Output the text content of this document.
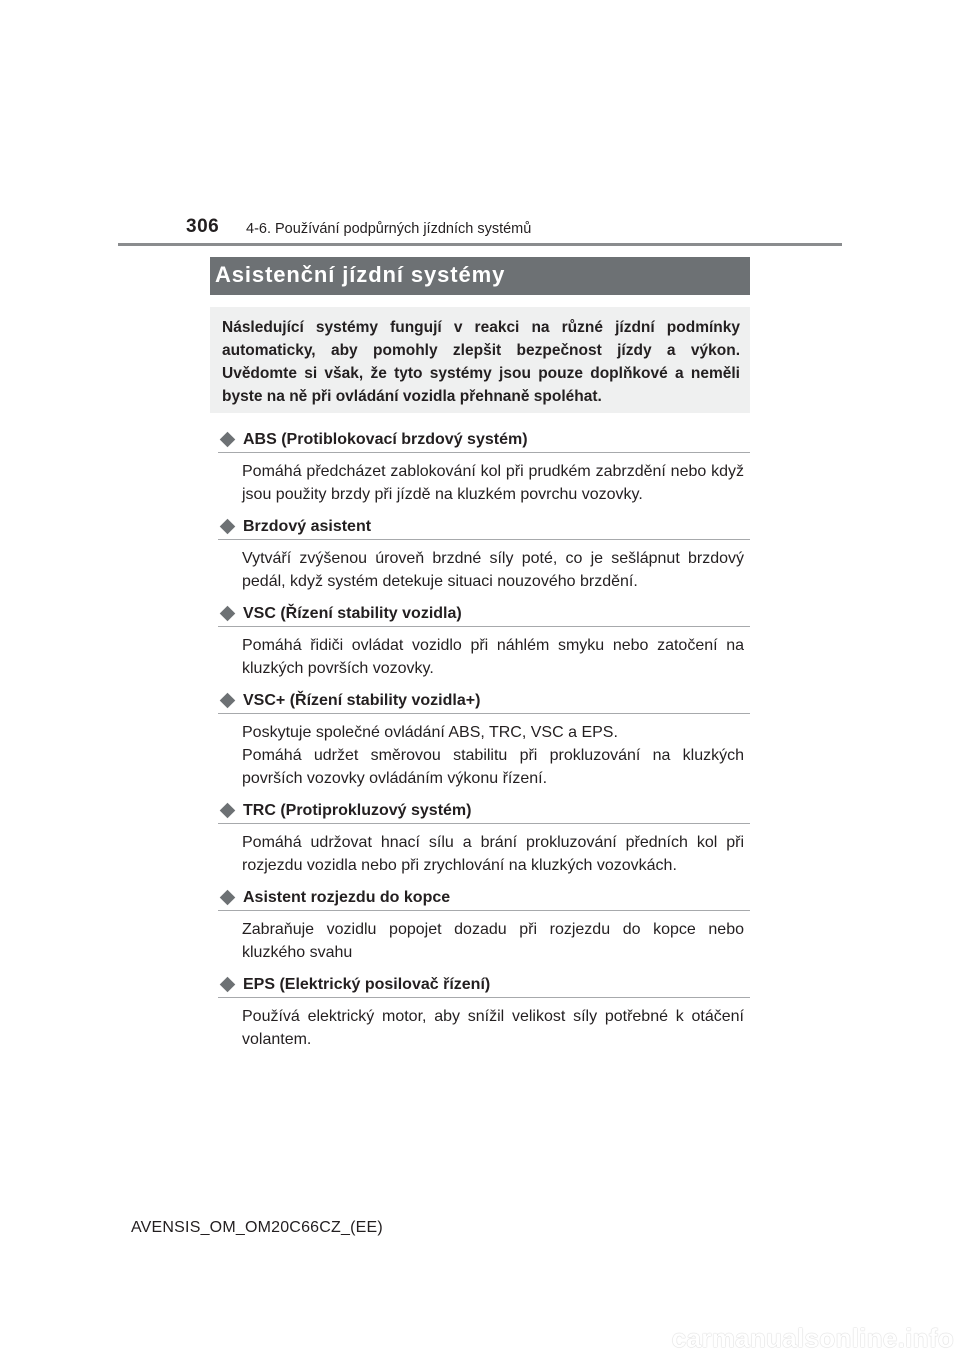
306 4-6. Používání podpůrných jízdních systémů
Asistenční jízdní systémy
Následující systémy fungují v reakci na různé jízdní podmínky automaticky, aby pomohly zlepšit bezpečnost jízdy a výkon. Uvědomte si však, že tyto systémy jsou pouze doplňkové a neměli byste na ně při ovládání vozidla přehnaně spoléhat.
ABS (Protiblokovací brzdový systém)
Pomáhá předcházet zablokování kol při prudkém zabrzdění nebo když jsou použity brzdy při jízdě na kluzkém povrchu vozovky.
Brzdový asistent
Vytváří zvýšenou úroveň brzdné síly poté, co je sešlápnut brzdový pedál, když systém detekuje situaci nouzového brzdění.
VSC (Řízení stability vozidla)
Pomáhá řidiči ovládat vozidlo při náhlém smyku nebo zatočení na kluzkých površích vozovky.
VSC+ (Řízení stability vozidla+)
Poskytuje společné ovládání ABS, TRC, VSC a EPS.
Pomáhá udržet směrovou stabilitu při prokluzování na kluzkých površích vozovky ovládáním výkonu řízení.
TRC (Protiprokluzový systém)
Pomáhá udržovat hnací sílu a brání prokluzování předních kol při rozjezdu vozidla nebo při zrychlování na kluzkých vozovkách.
Asistent rozjezdu do kopce
Zabraňuje vozidlu popojet dozadu při rozjezdu do kopce nebo kluzkého svahu
EPS (Elektrický posilovač řízení)
Používá elektrický motor, aby snížil velikost síly potřebné k otáčení volantem.
AVENSIS_OM_OM20C66CZ_(EE)
carmanualsonline.info
